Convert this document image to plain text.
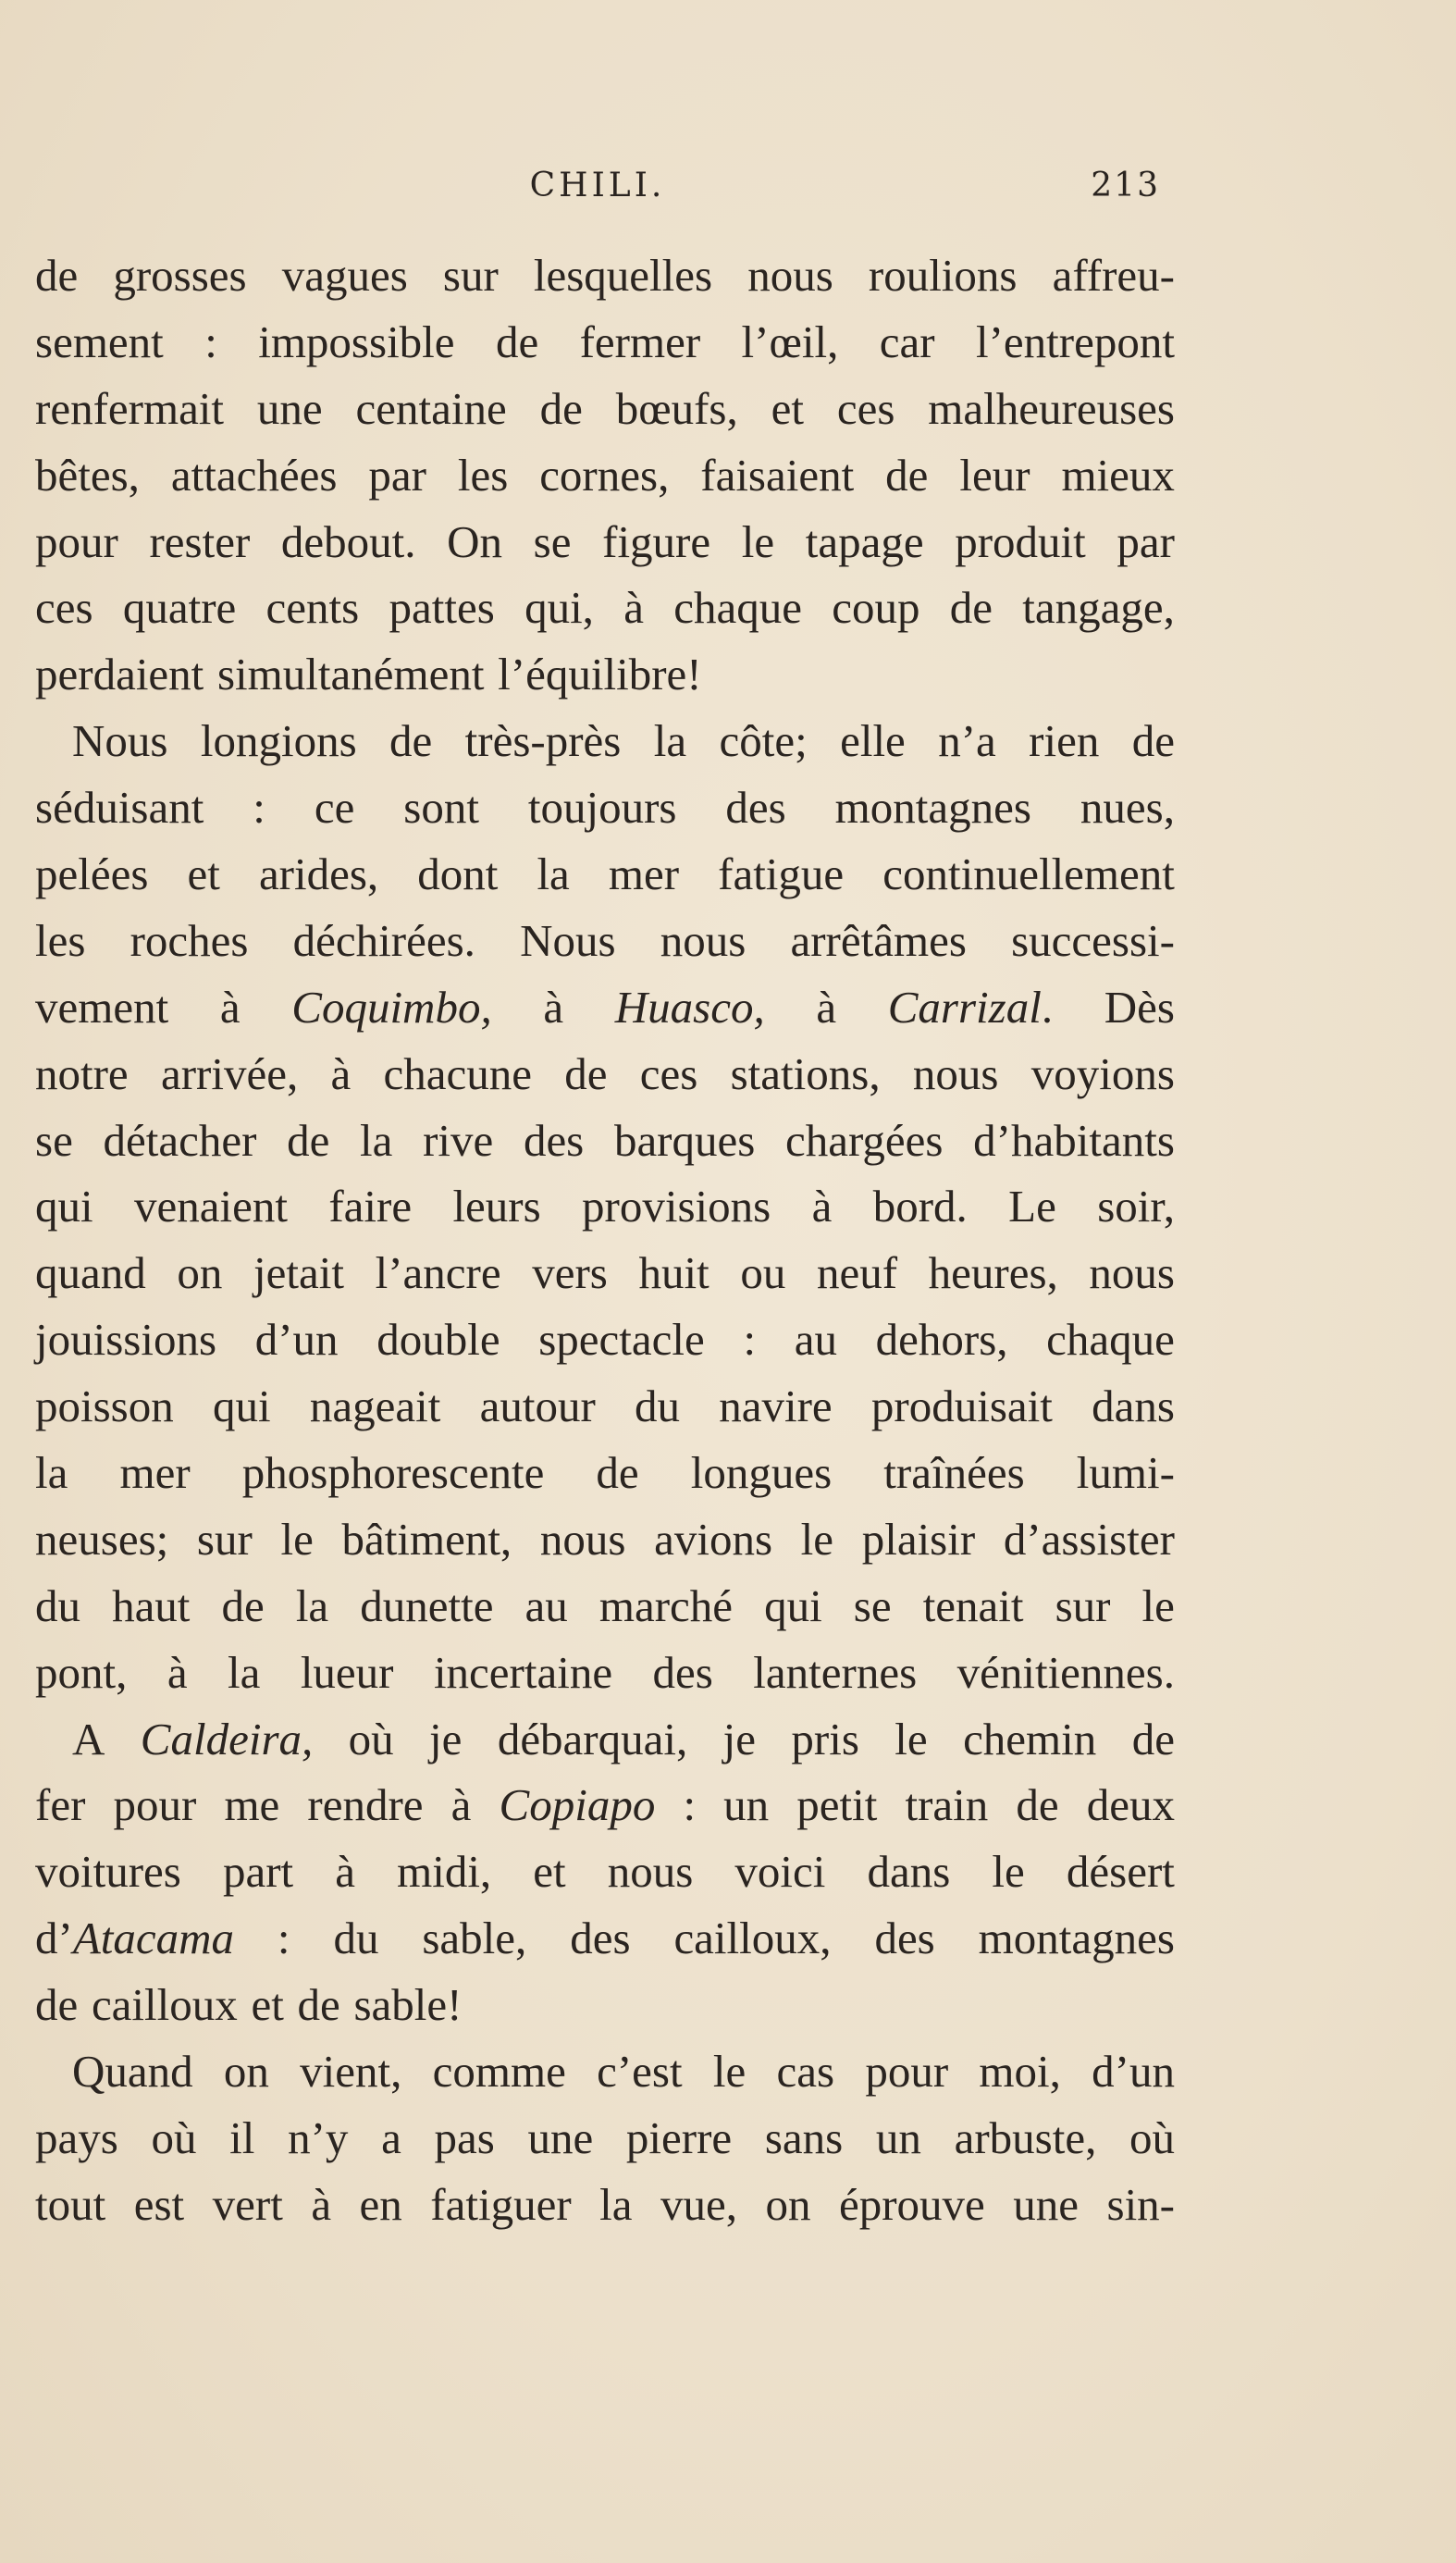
CHILI.	213
de grosses vagues sur lesquelles nous roulions affreu-
sement : impossible de fermer l’œil, car l’entrepont
renfermait une centaine de bœufs, et ces malheureuses
bêtes, attachées par les cornes, faisaient de leur mieux
pour rester debout. On se figure le tapage produit par
ces quatre cents pattes qui, à chaque coup de tangage,
perdaient simultanément l’équilibre!
Nous longions de très-près la côte; elle n’a rien de
séduisant : ce sont toujours des montagnes nues,
pelées et arides, dont la mer fatigue continuellement
les roches déchirées. Nous nous arrêtâmes successi-
vement à Coquimbo, à Huasco, à Carrizal. Dès
notre arrivée, à chacune de ces stations, nous voyions
se détacher de la rive des barques chargées d’habitants
qui venaient faire leurs provisions à bord. Le soir,
quand on jetait l’ancre vers huit ou neuf heures, nous
jouissions d’un double spectacle : au dehors, chaque
poisson qui nageait autour du navire produisait dans
la mer phosphorescente de longues traînées lumi-
neuses; sur le bâtiment, nous avions le plaisir d’assister
du haut de la dunette au marché qui se tenait sur le
pont, à la lueur incertaine des lanternes vénitiennes.
A Caldeira, où je débarquai, je pris le chemin de
fer pour me rendre à Copiapo : un petit train de deux
voitures part à midi, et nous voici dans le désert
d’Atacama : du sable, des cailloux, des montagnes
de cailloux et de sable!
Quand on vient, comme c’est le cas pour moi, d’un
pays où il n’y a pas une pierre sans un arbuste, où
tout est vert à en fatiguer la vue, on éprouve une sin-
